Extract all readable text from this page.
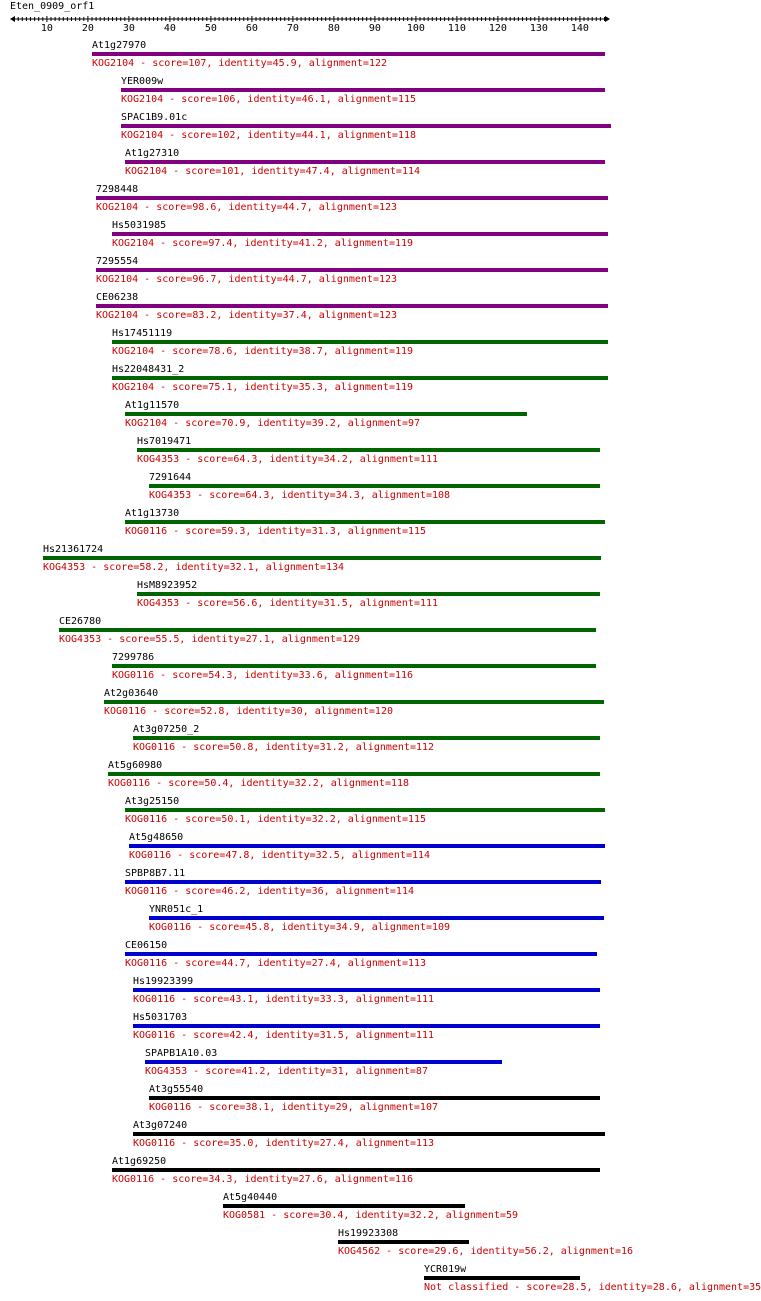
Eten_0909_orf1
10	20	30	40	50	60	70	80	90	100 110 120 130 140
At1g27970
KOG2104 - score=107, identity=45.9, alignment=122
YER009w
KOG2104 - score=106, identity=46.1, alignment=115
SPAC1B9.01c
KOG2104 - score=102, identity=44.1, alignment=118
At1g27310
KOG2104 - score=101, identity=47.4, alignment=114
7298448
KOG2104 - score=98.6, identity=44.7, alignment=123
Hs5031985
KOG2104 - score=97.4, identity=41.2, alignment=119
7295554
KOG2104 - score=96.7, identity=44.7, alignment=123
CE06238
KOG2104 - score=83.2, identity=37.4, alignment=123
Hs17451119
KOG2104 - score=78.6, identity=38.7, alignment=119
Hs22048431_2
KOG2104 - score=75.1, identity=35.3, alignment=119
At1g11570
KOG2104 - score=70.9, identity=39.2, alignment=97
Hs7019471
KOG4353 - score=64.3, identity=34.2, alignment=111
7291644
KOG4353 - score=64.3, identity=34.3, alignment=108
At1g13730
KOG0116 - score=59.3, identity=31.3, alignment=115
Hs21361724
KOG4353 - score=58.2, identity=32.1, alignment=134
HsM8923952
KOG4353 - score=56.6, identity=31.5, alignment=111
CE26780
KOG4353 - score=55.5, identity=27.1, alignment=129
7299786
KOG0116 - score=54.3, identity=33.6, alignment=116
At2g03640
KOG0116 - score=52.8, identity=30, alignment=120
At3g07250_2
KOG0116 - score=50.8, identity=31.2, alignment=112
At5g60980
KOG0116 - score=50.4, identity=32.2, alignment=118
At3g25150
KOG0116 - score=50.1, identity=32.2, alignment=115
At5g48650
KOG0116 - score=47.8, identity=32.5, alignment=114
SPBP8B7.11
KOG0116 - score=46.2, identity=36, alignment=114
YNR051c_1
KOG0116 - score=45.8, identity=34.9, alignment=109
CE06150
KOG0116 - score=44.7, identity=27.4, alignment=113
Hs19923399
KOG0116 - score=43.1, identity=33.3, alignment=111
Hs5031703
KOG0116 - score=42.4, identity=31.5, alignment=111
SPAPB1A10.03
KOG4353 - score=41.2, identity=31, alignment=87
At3g55540
KOG0116 - score=38.1, identity=29, alignment=107
At3g07240
KOG0116 - score=35.0, identity=27.4, alignment=113
At1g69250
KOG0116 - score=34.3, identity=27.6, alignment=116
At5g40440
KOG0581 - score=30.4, identity=32.2, alignment=59
Hs19923308
KOG4562 - score=29.6, identity=56.2, alignment=16
YCR019w
Not classified - score=28.5, identity=28.6, alignment=35
